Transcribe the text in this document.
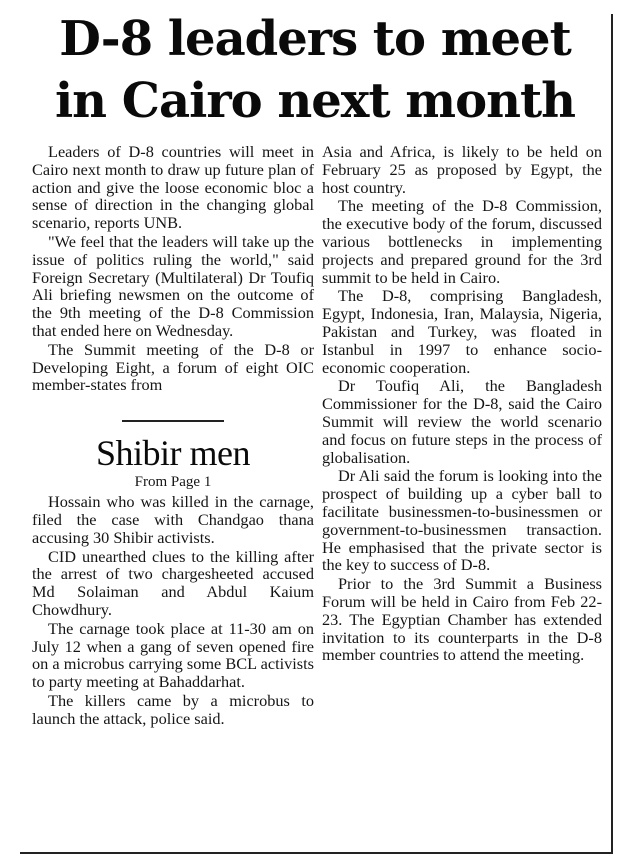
D-8 leaders to meet
in Cairo next month

Leaders of D-8 countries will meet in Cairo next month to draw up future plan of action and give the loose economic bloc a sense of direction in the changing global scenario, reports UNB.

"We feel that the leaders will take up the issue of politics ruling the world," said Foreign Secretary (Multilateral) Dr Toufiq Ali briefing newsmen on the outcome of the 9th meeting of the D-8 Commission that ended here on Wednesday.

The Summit meeting of the D-8 or Developing Eight, a forum of eight OIC member-states from

Shibir men
From Page 1

Hossain who was killed in the carnage, filed the case with Chandgao thana accusing 30 Shibir activists.

CID unearthed clues to the killing after the arrest of two chargesheeted accused Md Solaiman and Abdul Kaium Chowdhury.

The carnage took place at 11-30 am on July 12 when a gang of seven opened fire on a microbus carrying some BCL activists to party meeting at Bahaddarhat.

The killers came by a microbus to launch the attack, police said.

Asia and Africa, is likely to be held on February 25 as proposed by Egypt, the host country.

The meeting of the D-8 Commission, the executive body of the forum, discussed various bottlenecks in implementing projects and prepared ground for the 3rd summit to be held in Cairo.

The D-8, comprising Bangladesh, Egypt, Indonesia, Iran, Malaysia, Nigeria, Pakistan and Turkey, was floated in Istanbul in 1997 to enhance socio-economic cooperation.

Dr Toufiq Ali, the Bangladesh Commissioner for the D-8, said the Cairo Summit will review the world scenario and focus on future steps in the process of globalisation.

Dr Ali said the forum is looking into the prospect of building up a cyber ball to facilitate businessmen-to-businessmen or government-to-businessmen transaction. He emphasised that the private sector is the key to success of D-8.

Prior to the 3rd Summit a Business Forum will be held in Cairo from Feb 22-23. The Egyptian Chamber has extended invitation to its counterparts in the D-8 member countries to attend the meeting.
